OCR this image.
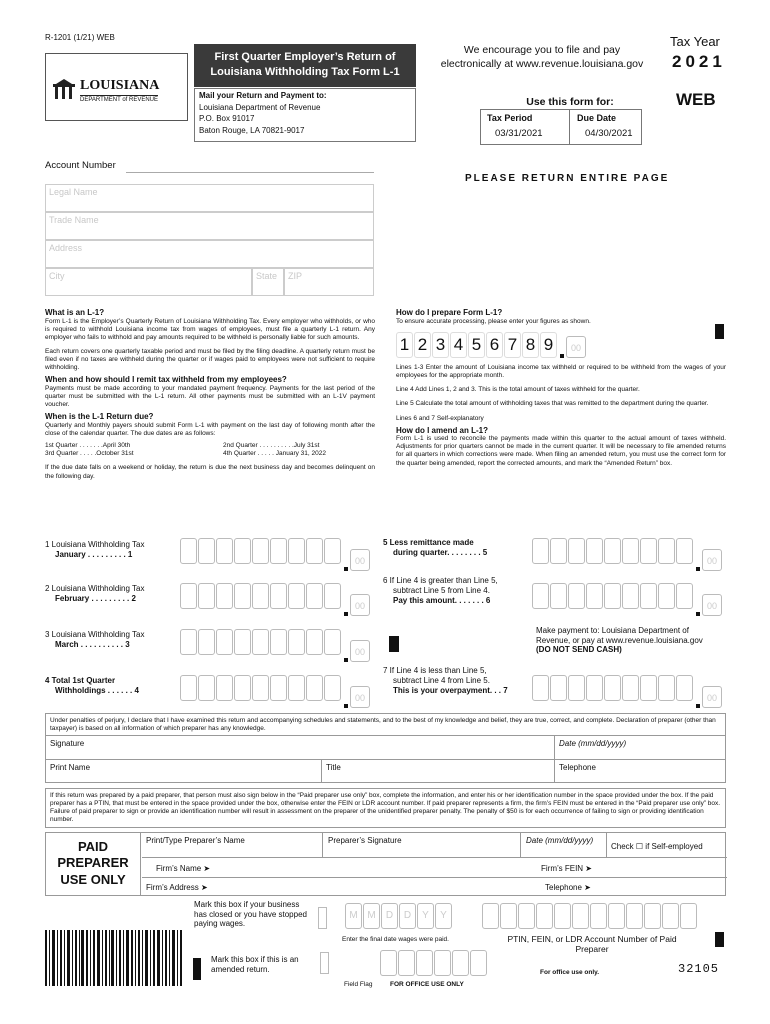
R-1201 (1/21) WEB
LOUISIANA
DEPARTMENT of REVENUE
First Quarter Employer’s Return of
Louisiana Withholding Tax Form L-1
Mail your Return and Payment to:
Louisiana Department of Revenue
P.O. Box 91017
Baton Rouge, LA 70821-9017
We encourage you to file and pay
electronically at www.revenue.louisiana.gov
Tax Year
2021
WEB
Use this form for:
Tax Period	Due Date
03/31/2021	04/30/2021
Account Number
PLEASE RETURN ENTIRE PAGE
Legal Name
Trade Name
Address
City	State	ZIP
What is an L-1?
Form L-1 is the Employer’s Quarterly Return of Louisiana Withholding Tax. Every employer who withholds, or who is required to withhold Louisiana income tax from wages of employees, must file a quarterly L-1 return. Any employer who fails to withhold and pay amounts required to be withheld is personally liable for such amounts.
Each return covers one quarterly taxable period and must be filed by the filing deadline. A quarterly return must be filed even if no taxes are withheld during the quarter or if wages paid to employees were not sufficient to require withholding.
When and how should I remit tax withheld from my employees?
Payments must be made according to your mandated payment frequency. Payments for the last period of the quarter must be submitted with the L-1 return. All other payments must be submitted with an L-1V payment voucher.
When is the L-1 Return due?
Quarterly and Monthly payers should submit Form L-1 with payment on the last day of following month after the close of the calendar quarter. The due dates are as follows:
1st Quarter . . . . . . .April 30th	2nd Quarter . . . . . . . . . .July 31st
3rd Quarter . . . . .October 31st	4th Quarter . . . . . January 31, 2022
If the due date falls on a weekend or holiday, the return is due the next business day and becomes delinquent on the following day.
How do I prepare Form L-1?
To ensure accurate processing, please enter your figures as shown.
1 2 3 4 5 6 7 8 9	00
Lines 1-3 Enter the amount of Louisiana income tax withheld or required to be withheld from the wages of your employees for the appropriate month.
Line 4 Add Lines 1, 2 and 3. This is the total amount of taxes withheld for the quarter.
Line 5 Calculate the total amount of withholding taxes that was remitted to the department during the quarter.
Lines 6 and 7 Self-explanatory
How do I amend an L-1?
Form L-1 is used to reconcile the payments made within this quarter to the actual amount of taxes withheld. Adjustments for prior quarters cannot be made in the current quarter. It will be necessary to file amended returns for all quarters in which corrections were made. When filing an amended return, you must use the correct form for the quarter being amended, report the corrected amounts, and mark the “Amended Return” box.
1 Louisiana Withholding Tax
January . . . . . . . . . 1
00
2 Louisiana Withholding Tax
February . . . . . . . . . 2
00
3 Louisiana Withholding Tax
March . . . . . . . . . . 3
00
4 Total 1st Quarter
Withholdings . . . . . . 4
00
5 Less remittance made
during quarter. . . . . . . . 5
00
6 If Line 4 is greater than Line 5,
subtract Line 5 from Line 4.
Pay this amount. . . . . . . 6
00
Make payment to: Louisiana Department of
Revenue, or pay at www.revenue.louisiana.gov
(DO NOT SEND CASH)
7 If Line 4 is less than Line 5,
subtract Line 4 from Line 5.
This is your overpayment. . . 7
00
Under penalties of perjury, I declare that I have examined this return and accompanying schedules and statements, and to the best of my knowledge and belief, they are true, correct, and complete. Declaration of preparer (other than taxpayer) is based on all information of which preparer has any knowledge.
Signature	Date (mm/dd/yyyy)
Print Name	Title	Telephone
If this return was prepared by a paid preparer, that person must also sign below in the “Paid preparer use only” box, complete the information, and enter his or her identification number in the space provided under the box. If the paid preparer has a PTIN, that must be entered in the space provided under the box, otherwise enter the FEIN or LDR account number. If paid preparer represents a firm, the firm’s FEIN must be entered in the “Paid preparer use only” box. Failure of paid preparer to sign or provide an identification number will result in assessment on the preparer of the unidentified preparer penalty. The penalty of $50 is for each occurrence of failing to sign or providing identification number.
PAID
PREPARER
USE ONLY
Print/Type Preparer’s Name	Preparer’s Signature	Date (mm/dd/yyyy)
Check ☐ if Self-employed
Firm’s Name ➤	Firm’s FEIN ➤
Firm’s Address ➤	Telephone ➤
Mark this box if your business has closed or you have stopped paying wages.
M M	D	D	Y	Y
Enter the final date wages were paid.	PTIN, FEIN, or LDR Account Number of Paid Preparer
Mark this box if this is an amended return.
Field Flag	FOR OFFICE USE ONLY
For office use only.	32105
